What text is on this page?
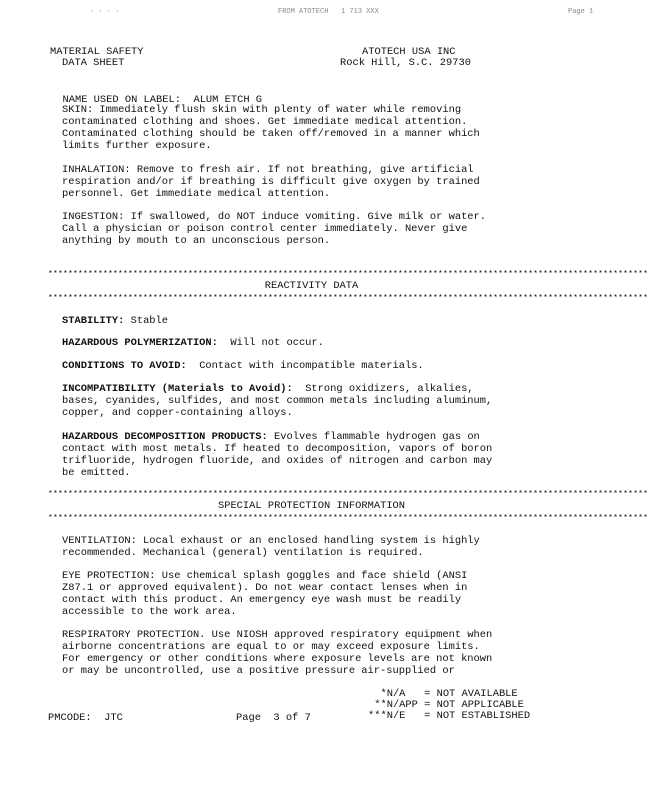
· · · ·	FROM ATOTECH   1 713 XXX	Page 1
MATERIAL SAFETY
DATA SHEET
ATOTECH USA INC
Rock Hill, S.C. 29730

NAME USED ON LABEL: ALUM ETCH G

SKIN: Immediately flush skin with plenty of water while removing
contaminated clothing and shoes. Get immediate medical attention.
Contaminated clothing should be taken off/removed in a manner which
limits further exposure.
INHALATION: Remove to fresh air. If not breathing, give artificial
respiration and/or if breathing is difficult give oxygen by trained
personnel. Get immediate medical attention.
INGESTION: If swallowed, do NOT induce vomiting. Give milk or water.
Call a physician or poison control center immediately. Never give
anything by mouth to an unconscious person.
************************************************************************************************************************
REACTIVITY DATA
************************************************************************************************************************
STABILITY: Stable
HAZARDOUS POLYMERIZATION:  Will not occur.
CONDITIONS TO AVOID:  Contact with incompatible materials.
INCOMPATIBILITY (Materials to Avoid):  Strong oxidizers, alkalies,
bases, cyanides, sulfides, and most common metals including aluminum,
copper, and copper-containing alloys.
HAZARDOUS DECOMPOSITION PRODUCTS: Evolves flammable hydrogen gas on
contact with most metals. If heated to decomposition, vapors of boron
trifluoride, hydrogen fluoride, and oxides of nitrogen and carbon may
be emitted.
************************************************************************************************************************
SPECIAL PROTECTION INFORMATION
************************************************************************************************************************
VENTILATION: Local exhaust or an enclosed handling system is highly
recommended. Mechanical (general) ventilation is required.
EYE PROTECTION: Use chemical splash goggles and face shield (ANSI
Z87.1 or approved equivalent). Do not wear contact lenses when in
contact with this product. An emergency eye wash must be readily
accessible to the work area.
RESPIRATORY PROTECTION. Use NIOSH approved respiratory equipment when
airborne concentrations are equal to or may exceed exposure limits.
For emergency or other conditions where exposure levels are not known
or may be uncontrolled, use a positive pressure air-supplied or
*N/A   = NOT AVAILABLE
**N/APP = NOT APPLICABLE
***N/E   = NOT ESTABLISHED
PMCODE:  JTC	Page  3 of 7
